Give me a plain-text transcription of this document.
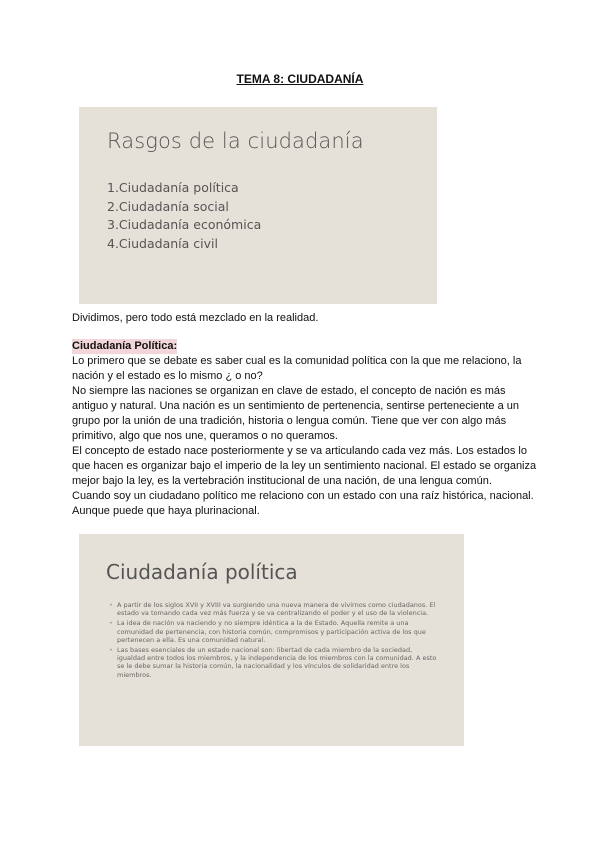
TEMA 8: CIUDADANÍA
Rasgos de la ciudadanía
1.Ciudadanía política
2.Ciudadanía social
3.Ciudadanía económica
4.Ciudadanía civil

Dividimos, pero todo está mezclado en la realidad.

Ciudadanía Política:
Lo primero que se debate es saber cual es la comunidad política con la que me relaciono, la nación y el estado es lo mismo ¿ o no?
No siempre las naciones se organizan en clave de estado, el concepto de nación es más antiguo y natural. Una nación es un sentimiento de pertenencia, sentirse perteneciente a un grupo por la unión de una tradición, historia o lengua común. Tiene que ver con algo más primitivo, algo que nos une, queramos o no queramos.
El concepto de estado nace posteriormente y se va articulando cada vez más. Los estados lo que hacen es organizar bajo el imperio de la ley un sentimiento nacional. El estado se organiza mejor bajo la ley, es la vertebración institucional de una nación, de una lengua común.
Cuando soy un ciudadano político me relaciono con un estado con una raíz histórica, nacional. Aunque puede que haya plurinacional.
Ciudadanía política
• A partir de los siglos XVII y XVIII va surgiendo una nueva manera de vivirnos como ciudadanos. El estado va tomando cada vez más fuerza y se va centralizando el poder y el uso de la violencia.
• La idea de nación va naciendo y no siempre idéntica a la de Estado. Aquella remite a una comunidad de pertenencia, con historia común, compromisos y participación activa de los que pertenecen a ella. Es una comunidad natural.
• Las bases esenciales de un estado nacional son: libertad de cada miembro de la sociedad, igualdad entre todos los miembros, y la independencia de los miembros con la comunidad. A esto se le debe sumar la historia común, la nacionalidad y los vínculos de solidaridad entre los miembros.
